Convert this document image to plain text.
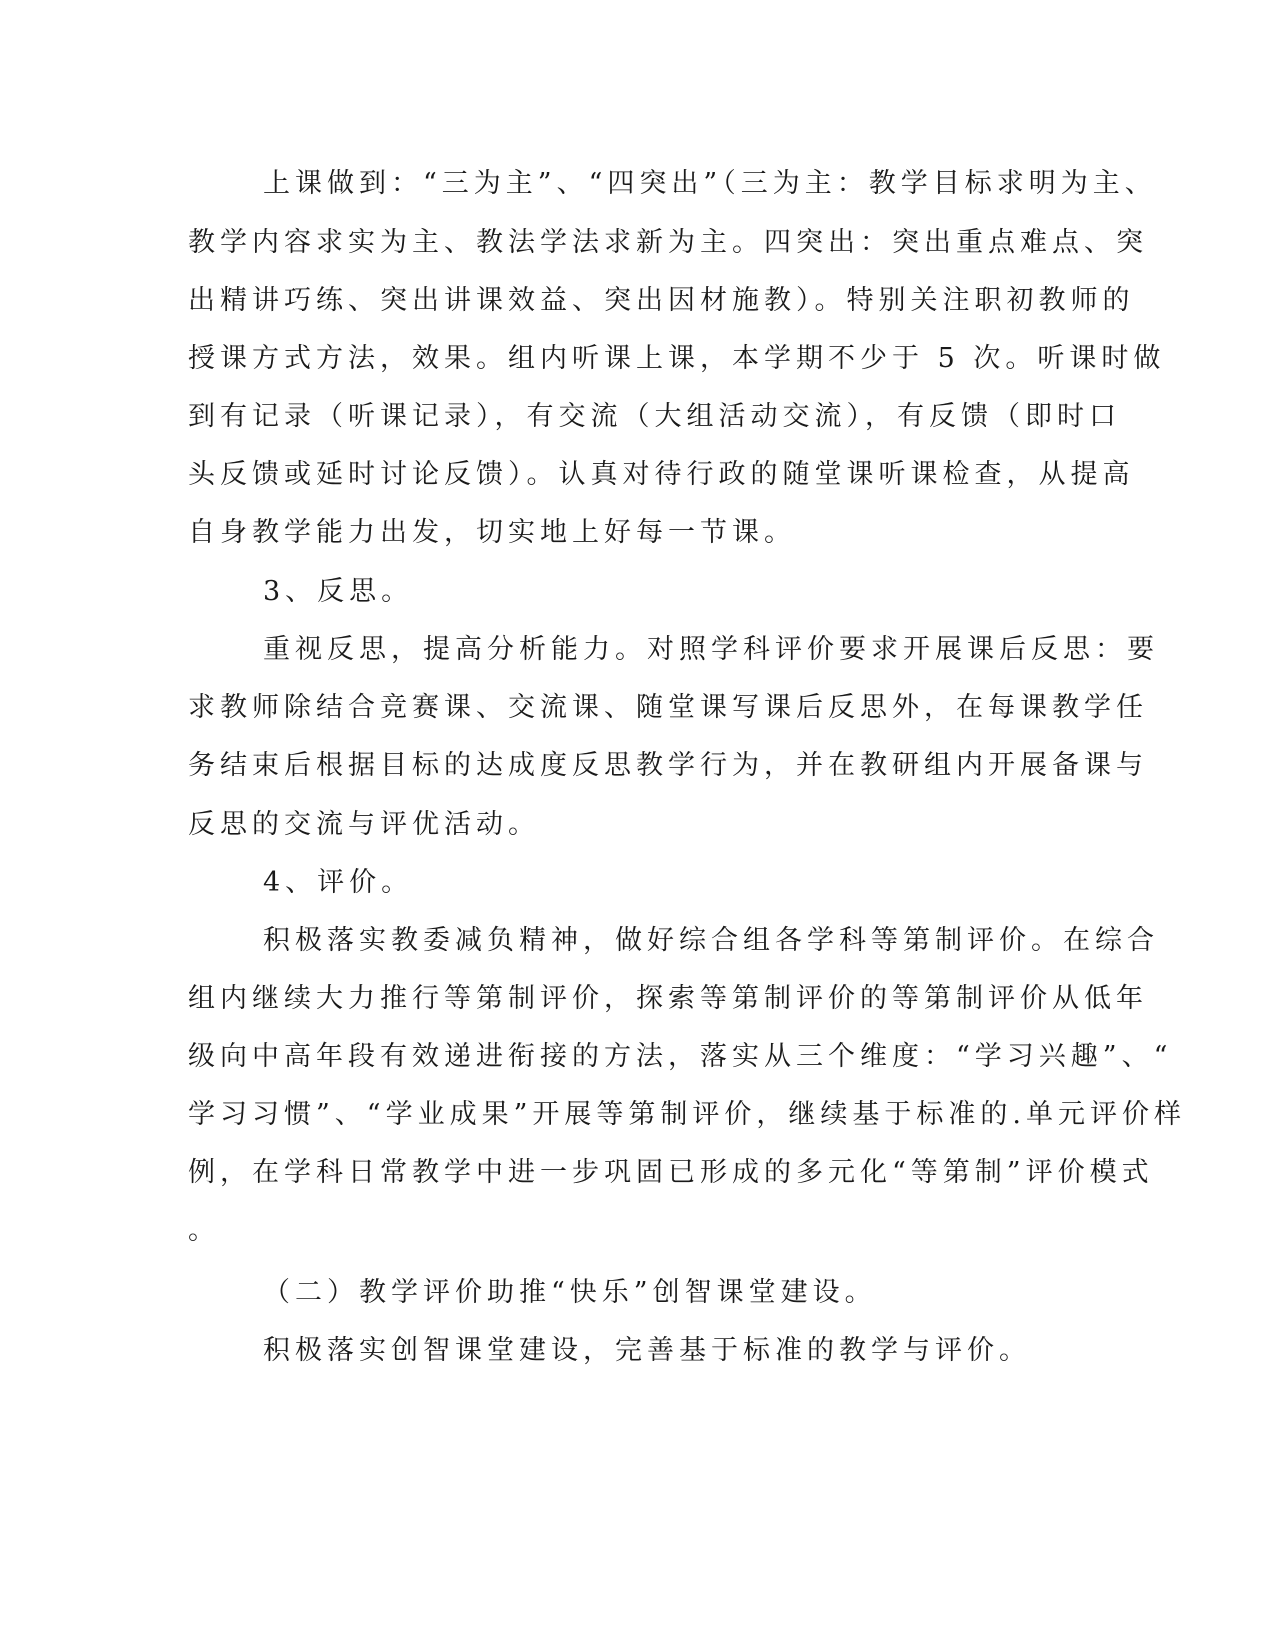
上课做到：“三为主”、“四突出”（三为主：教学目标求明为主、
教学内容求实为主、教法学法求新为主。四突出：突出重点难点、突
出精讲巧练、突出讲课效益、突出因材施教）。特别关注职初教师的
授课方式方法，效果。组内听课上课，本学期不少于 5 次。听课时做
到有记录（听课记录），有交流（大组活动交流），有反馈（即时口
头反馈或延时讨论反馈）。认真对待行政的随堂课听课检查，从提高
自身教学能力出发，切实地上好每一节课。
3、反思。
重视反思，提高分析能力。对照学科评价要求开展课后反思：要
求教师除结合竞赛课、交流课、随堂课写课后反思外，在每课教学任
务结束后根据目标的达成度反思教学行为，并在教研组内开展备课与
反思的交流与评优活动。
4、评价。
积极落实教委减负精神，做好综合组各学科等第制评价。在综合
组内继续大力推行等第制评价，探索等第制评价的等第制评价从低年
级向中高年段有效递进衔接的方法，落实从三个维度：“学习兴趣”、“
学习习惯”、“学业成果”开展等第制评价，继续基于标准的.单元评价样
例，在学科日常教学中进一步巩固已形成的多元化“等第制”评价模式
。
（二）教学评价助推“快乐”创智课堂建设。
积极落实创智课堂建设，完善基于标准的教学与评价。
